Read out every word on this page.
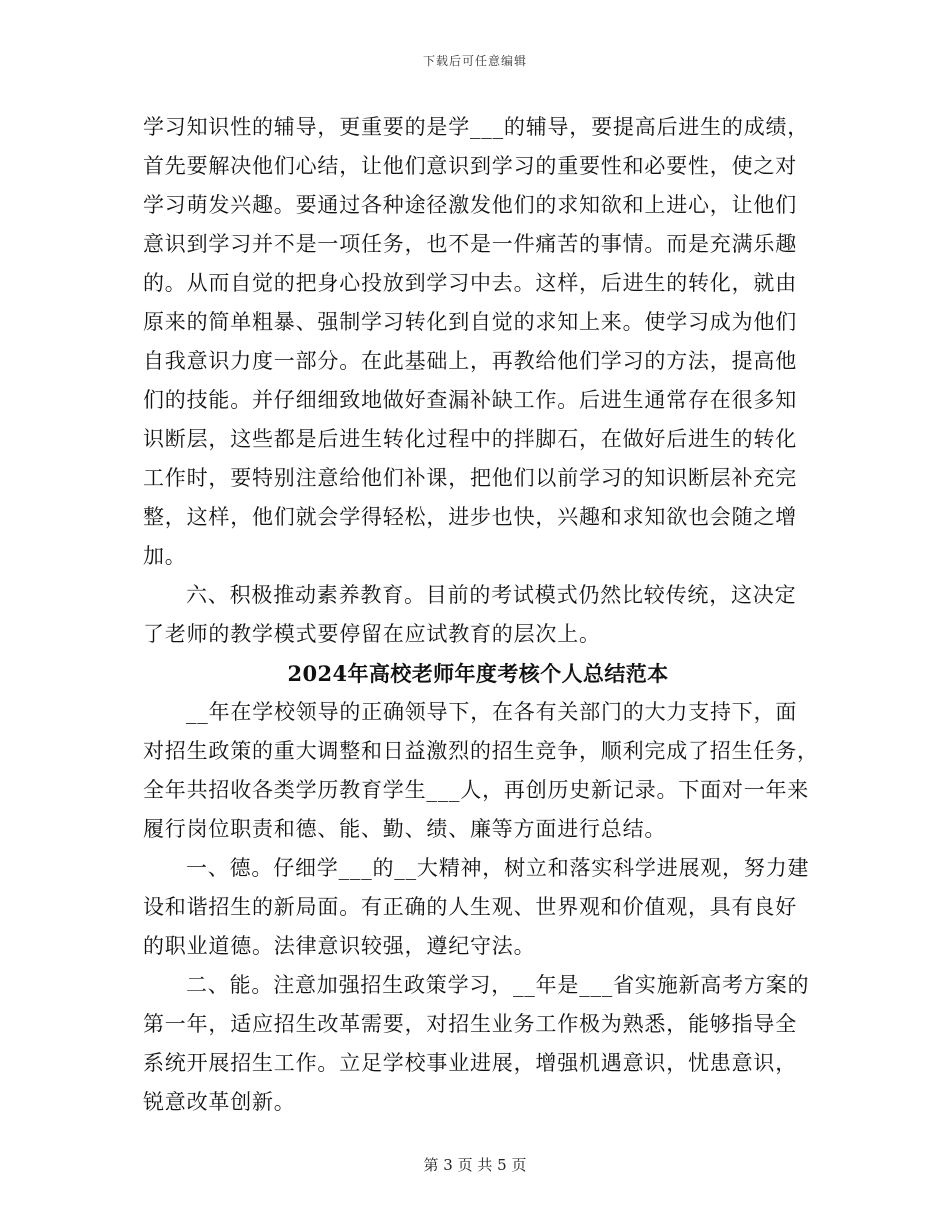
下载后可任意编辑
学习知识性的辅导，更重要的是学___的辅导，要提高后进生的成绩，
首先要解决他们心结，让他们意识到学习的重要性和必要性，使之对
学习萌发兴趣。要通过各种途径激发他们的求知欲和上进心，让他们
意识到学习并不是一项任务，也不是一件痛苦的事情。而是充满乐趣
的。从而自觉的把身心投放到学习中去。这样，后进生的转化，就由
原来的简单粗暴、强制学习转化到自觉的求知上来。使学习成为他们
自我意识力度一部分。在此基础上，再教给他们学习的方法，提高他
们的技能。并仔细细致地做好查漏补缺工作。后进生通常存在很多知
识断层，这些都是后进生转化过程中的拌脚石，在做好后进生的转化
工作时，要特别注意给他们补课，把他们以前学习的知识断层补充完
整，这样，他们就会学得轻松，进步也快，兴趣和求知欲也会随之增
加。
六、积极推动素养教育。目前的考试模式仍然比较传统，这决定
了老师的教学模式要停留在应试教育的层次上。
2024年高校老师年度考核个人总结范本
__年在学校领导的正确领导下，在各有关部门的大力支持下，面
对招生政策的重大调整和日益激烈的招生竞争，顺利完成了招生任务，
全年共招收各类学历教育学生___人，再创历史新记录。下面对一年来
履行岗位职责和德、能、勤、绩、廉等方面进行总结。
一、德。仔细学___的__大精神，树立和落实科学进展观，努力建
设和谐招生的新局面。有正确的人生观、世界观和价值观，具有良好
的职业道德。法律意识较强，遵纪守法。
二、能。注意加强招生政策学习，__年是___省实施新高考方案的
第一年，适应招生改革需要，对招生业务工作极为熟悉，能够指导全
系统开展招生工作。立足学校事业进展，增强机遇意识，忧患意识，
锐意改革创新。
第 3 页 共 5 页
